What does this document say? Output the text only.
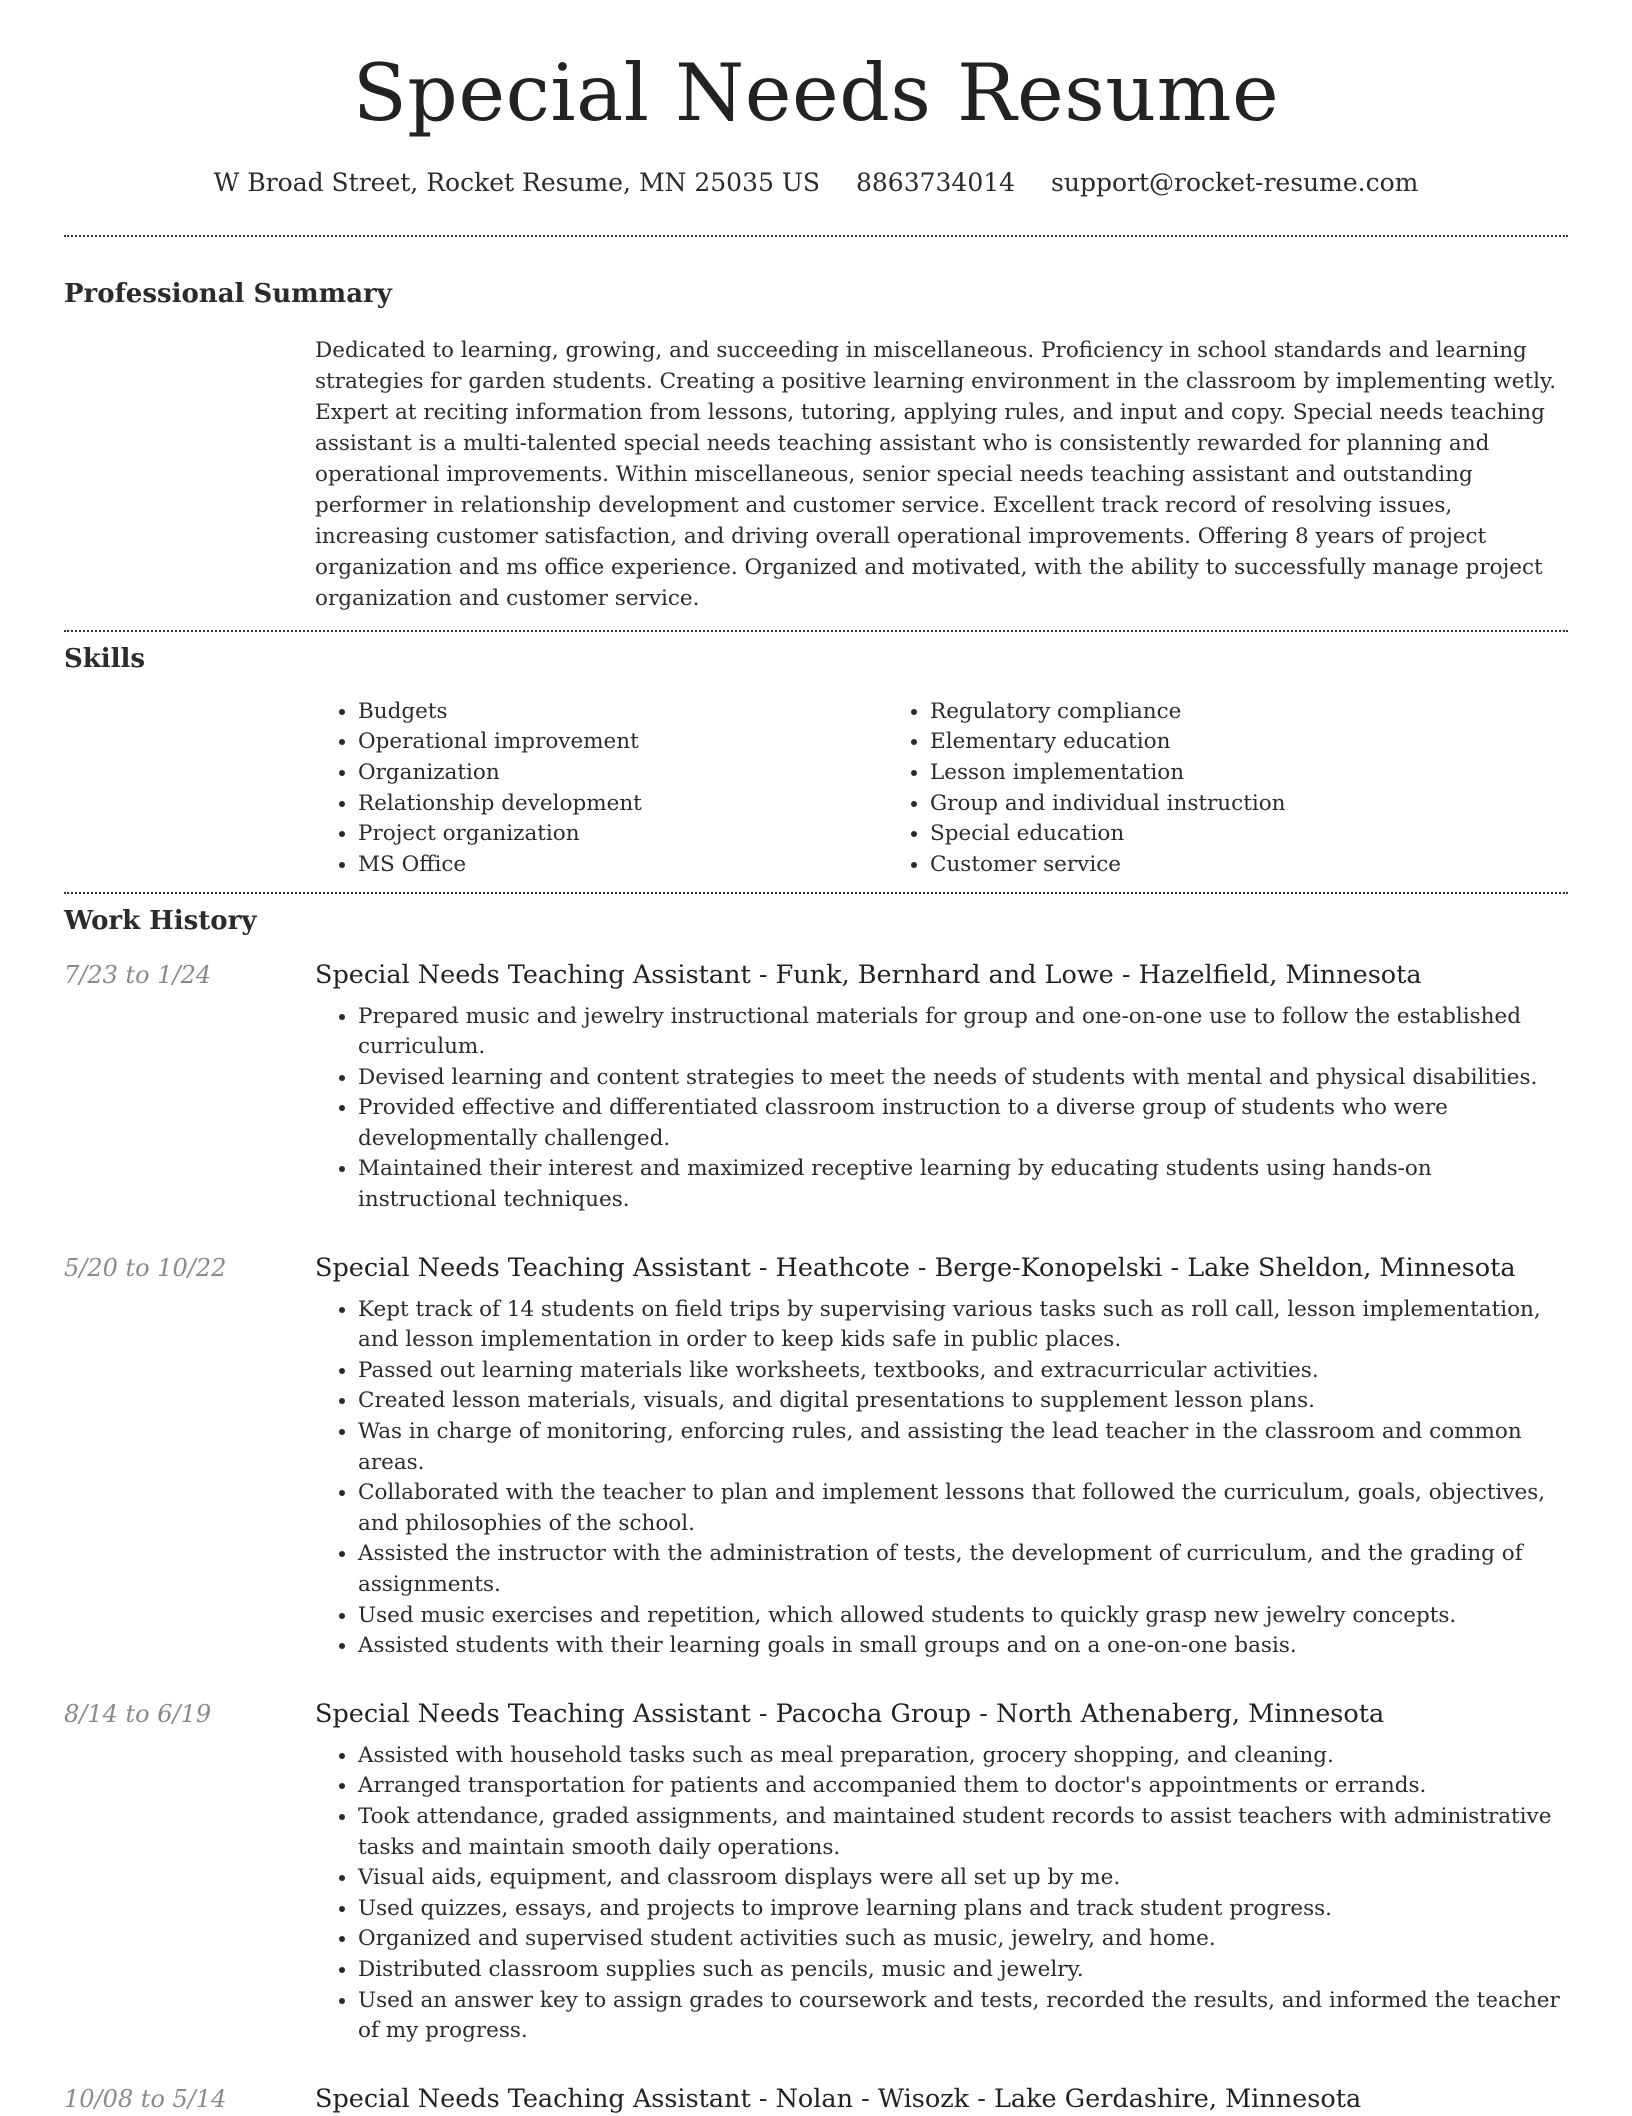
Special Needs Resume
W Broad Street, Rocket Resume, MN 25035 US 8863734014 support@rocket-resume.com
Professional Summary

Dedicated to learning, growing, and succeeding in miscellaneous. Proficiency in school standards and learning strategies for garden students. Creating a positive learning environment in the classroom by implementing wetly. Expert at reciting information from lessons, tutoring, applying rules, and input and copy. Special needs teaching assistant is a multi-talented special needs teaching assistant who is consistently rewarded for planning and operational improvements. Within miscellaneous, senior special needs teaching assistant and outstanding performer in relationship development and customer service. Excellent track record of resolving issues, increasing customer satisfaction, and driving overall operational improvements. Offering 8 years of project organization and ms office experience. Organized and motivated, with the ability to successfully manage project organization and customer service.

Skills
• Budgets
• Operational improvement
• Organization
• Relationship development
• Project organization
• MS Office
• Regulatory compliance
• Elementary education
• Lesson implementation
• Group and individual instruction
• Special education
• Customer service
Work History
7/23 to 1/24	Special Needs Teaching Assistant - Funk, Bernhard and Lowe - Hazelfield, Minnesota
• Prepared music and jewelry instructional materials for group and one-on-one use to follow the established curriculum.
• Devised learning and content strategies to meet the needs of students with mental and physical disabilities.
• Provided effective and differentiated classroom instruction to a diverse group of students who were developmentally challenged.
• Maintained their interest and maximized receptive learning by educating students using hands-on instructional techniques.
5/20 to 10/22	Special Needs Teaching Assistant - Heathcote - Berge-Konopelski - Lake Sheldon, Minnesota
• Kept track of 14 students on field trips by supervising various tasks such as roll call, lesson implementation, and lesson implementation in order to keep kids safe in public places.
• Passed out learning materials like worksheets, textbooks, and extracurricular activities.
• Created lesson materials, visuals, and digital presentations to supplement lesson plans.
• Was in charge of monitoring, enforcing rules, and assisting the lead teacher in the classroom and common areas.
• Collaborated with the teacher to plan and implement lessons that followed the curriculum, goals, objectives, and philosophies of the school.
• Assisted the instructor with the administration of tests, the development of curriculum, and the grading of assignments.
• Used music exercises and repetition, which allowed students to quickly grasp new jewelry concepts.
• Assisted students with their learning goals in small groups and on a one-on-one basis.
8/14 to 6/19	Special Needs Teaching Assistant - Pacocha Group - North Athenaberg, Minnesota
• Assisted with household tasks such as meal preparation, grocery shopping, and cleaning.
• Arranged transportation for patients and accompanied them to doctor's appointments or errands.
• Took attendance, graded assignments, and maintained student records to assist teachers with administrative tasks and maintain smooth daily operations.
• Visual aids, equipment, and classroom displays were all set up by me.
• Used quizzes, essays, and projects to improve learning plans and track student progress.
• Organized and supervised student activities such as music, jewelry, and home.
• Distributed classroom supplies such as pencils, music and jewelry.
• Used an answer key to assign grades to coursework and tests, recorded the results, and informed the teacher of my progress.
10/08 to 5/14	Special Needs Teaching Assistant - Nolan - Wisozk - Lake Gerdashire, Minnesota
